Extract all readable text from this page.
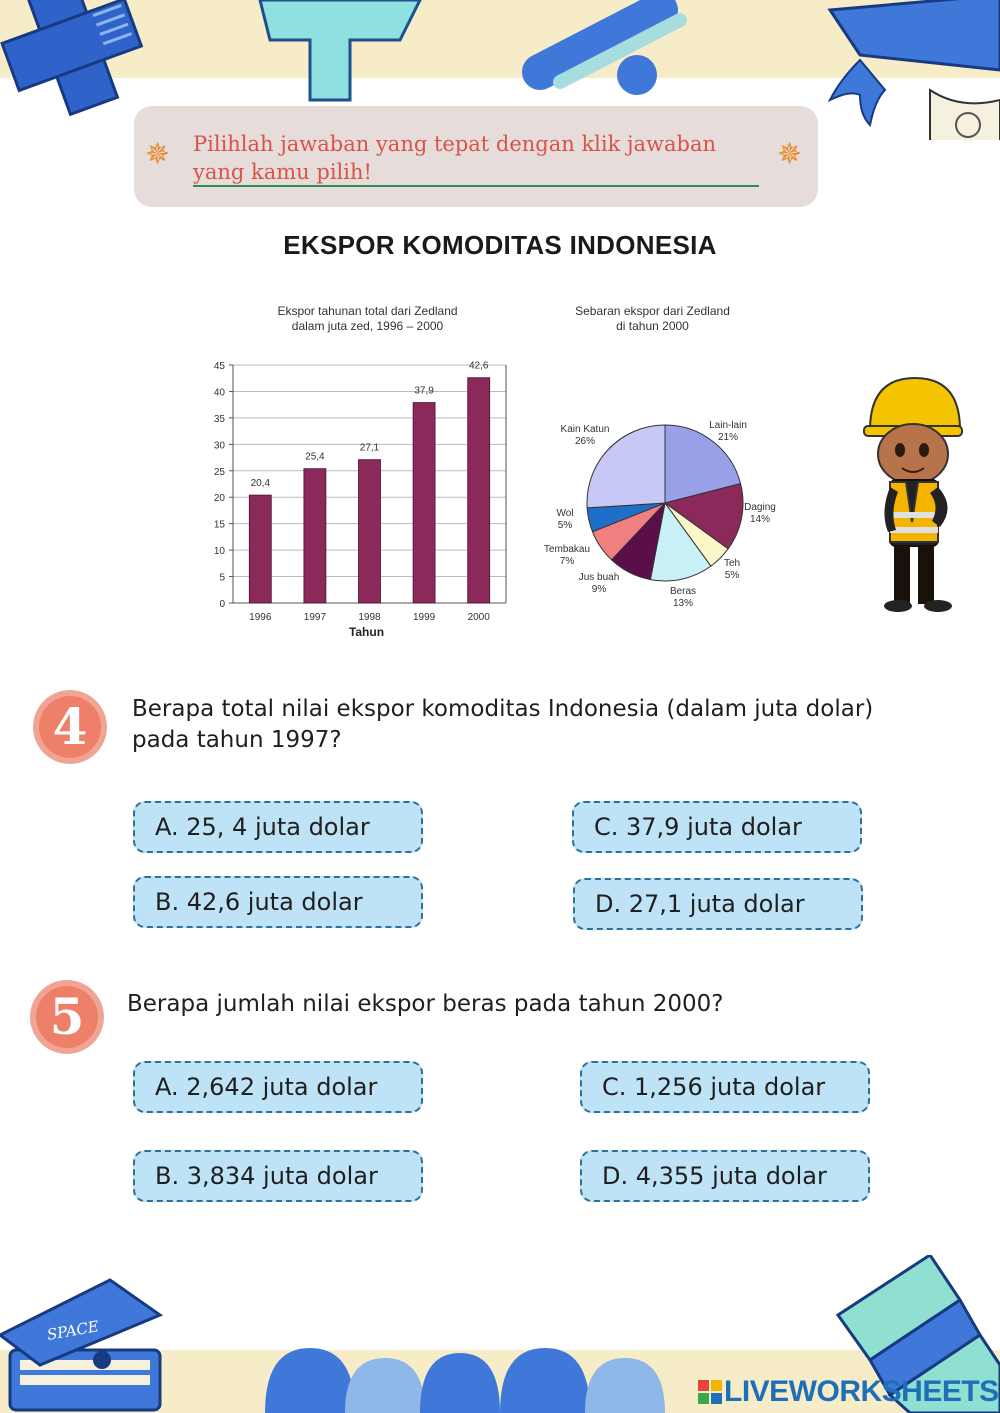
SPACE
✵	✵
Pilihlah jawaban yang tepat dengan klik jawaban
yang kamu pilih!
EKSPOR KOMODITAS INDONESIA
Ekspor tahunan total dari Zedland
dalam juta zed, 1996 – 2000
0
5
10
15
20
25
30
35
40
45
20,4
1996
25,4
1997
27,1
1998
37,9
1999
42,6
2000
Tahun
Sebaran ekspor dari Zedland
di tahun 2000
Lain-lain
21%
Daging
14%
Teh
5%
Beras
13%
Jus buah
9%
Tembakau
7%
Wol
5%
Kain Katun
26%
4	Berapa total nilai ekspor komoditas Indonesia (dalam juta dolar)
pada tahun 1997?
A. 25, 4 juta dolar
B. 42,6 juta dolar
C. 37,9 juta dolar
D. 27,1 juta dolar
5	Berapa jumlah nilai ekspor beras pada tahun 2000?
A. 2,642 juta dolar
B. 3,834 juta dolar
C. 1,256 juta dolar
D. 4,355 juta dolar
LIVEWORKSHEETS
